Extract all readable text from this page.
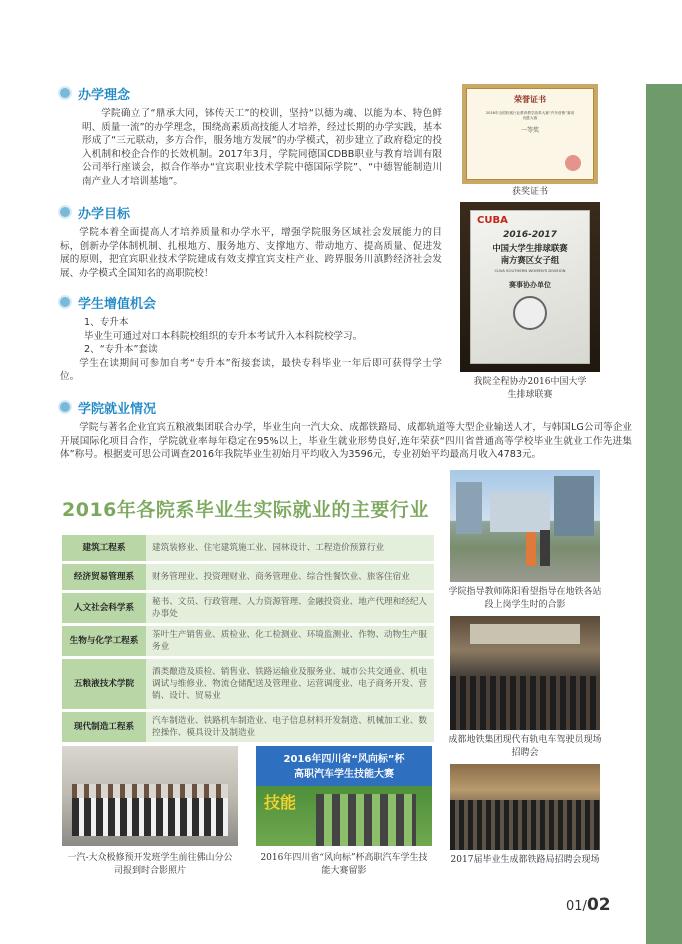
办学理念

学院确立了“鼎承大同，钵传天工”的校训，坚持“以德为魂、以能为本、特色鲜明、质量一流”的办学理念，围绕高素质高技能人才培养，经过长期的办学实践，基本形成了“三元联动，多方合作，服务地方发展”的办学模式，初步建立了政府稳定的投入机制和校企合作的长效机制。2017年3月，学院同德国CDBB职业与教育培训有限公司举行座谈会，拟合作举办“宜宾职业技术学院中德国际学院”、“中德智能制造川南产业人才培训基地”。

办学目标

学院本着全面提高人才培养质量和办学水平，增强学院服务区域社会发展能力的目标，创新办学体制机制、扎根地方、服务地方、支撑地方、带动地方、提高质量、促进发展的原则，把宜宾职业技术学院建成有效支撑宜宾支柱产业、跨界服务川滇黔经济社会发展、办学模式全国知名的高职院校！

学生增值机会

1、专升本

毕业生可通过对口本科院校组织的专升本考试升入本科院校学习。

2、“专升本”套读

学生在读期间可参加自考“专升本”衔接套读，最快专科毕业一年后即可获得学士学位。

学院就业情况

学院与著名企业宜宾五粮液集团联合办学，毕业生向一汽大众、成都铁路局、成都轨道等大型企业输送人才，与韩国LG公司等企业开展国际化项目合作，学院就业率每年稳定在95%以上，毕业生就业形势良好,连年荣获“四川省普通高等学校毕业生就业工作先进集体”称号。根据麦可思公司调查2016年我院毕业生初始月平均收入为3596元，专业初始平均最高月收入4783元。

荣誉证书
2016年全国机械行业教育教学改革大赛“汽车营销”赛项
优胜大赛
一等奖
获奖证书
CUBA
2016-2017
中国大学生排球联赛
南方赛区女子组
CUVA SOUTHERN WOMEN'S DIVISION
赛事协办单位
我院全程协办2016中国大学生排球联赛
2016年各院系毕业生实际就业的主要行业
建筑工程系	建筑装修业、住宅建筑施工业、园林设计、工程造价预算行业
经济贸易管理系	财务管理业、投资理财业、商务管理业、综合性餐饮业、旅客住宿业
人文社会科学系	秘书、文员、行政管理、人力资源管理、金融投资业、地产代理和经纪人办事处
生物与化学工程系	茶叶生产销售业、质检业、化工检测业、环境监测业、作物、动物生产服务业
五粮液技术学院	酒类酿造及质检、销售业、铁路运输业及服务业、城市公共交通业、机电调试与维修业、物流仓储配送及管理业、运营调度业、电子商务开发、营销、设计、贸易业
现代制造工程系	汽车制造业、铁路机车制造业、电子信息材料开发制造、机械加工业、数控操作、模具设计及制造业
学院指导教师陈阳看望指导在地铁各站段上岗学生时的合影
成都地铁集团现代有轨电车驾驶员现场招聘会
一汽-大众极修预开发班学生前往佛山分公司报到时合影照片
2016年四川省“风向标”杯
高职汽车学生技能大赛
技能
2016年四川省“风向标”杯高职汽车学生技能大赛留影
2017届毕业生成都铁路局招聘会现场
01/02
